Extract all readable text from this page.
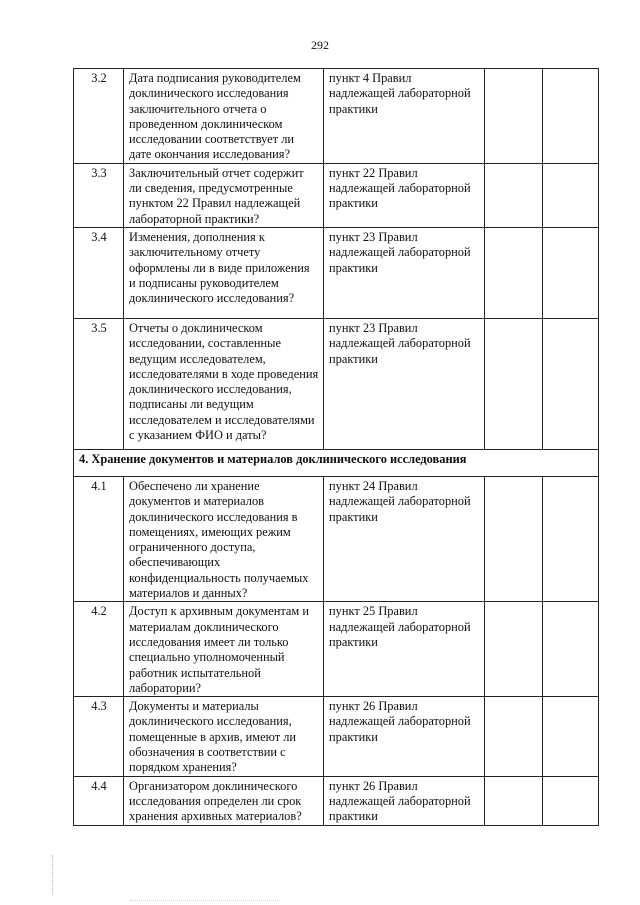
292
3.2	Дата подписания руководителем доклинического исследования заключительного отчета о проведенном доклиническом исследовании соответствует ли дате окончания исследования?	пункт 4 Правил надлежащей лабораторной практики		
3.3	Заключительный отчет содержит ли сведения, предусмотренные пунктом 22 Правил надлежащей лабораторной практики?	пункт 22 Правил надлежащей лабораторной практики		
3.4	Изменения, дополнения к заключительному отчету оформлены ли в виде приложения и подписаны руководителем доклинического исследования?	пункт 23 Правил надлежащей лабораторной практики		
3.5	Отчеты о доклиническом исследовании, составленные ведущим исследователем, исследователями в ходе проведения доклинического исследования, подписаны ли ведущим исследователем и исследователями с указанием ФИО и даты?	пункт 23 Правил надлежащей лабораторной практики		
4. Хранение документов и материалов доклинического исследования				
4.1	Обеспечено ли хранение документов и материалов доклинического исследования в помещениях, имеющих режим ограниченного доступа, обеспечивающих конфиденциальность получаемых материалов и данных?	пункт 24 Правил надлежащей лабораторной практики		
4.2	Доступ к архивным документам и материалам доклинического исследования имеет ли только специально уполномоченный работник испытательной лаборатории?	пункт 25 Правил надлежащей лабораторной практики		
4.3	Документы и материалы доклинического исследования, помещенные в архив, имеют ли обозначения в соответствии с порядком хранения?	пункт 26 Правил надлежащей лабораторной практики		
4.4	Организатором доклинического исследования определен ли срок хранения архивных материалов?	пункт 26 Правил надлежащей лабораторной практики		
